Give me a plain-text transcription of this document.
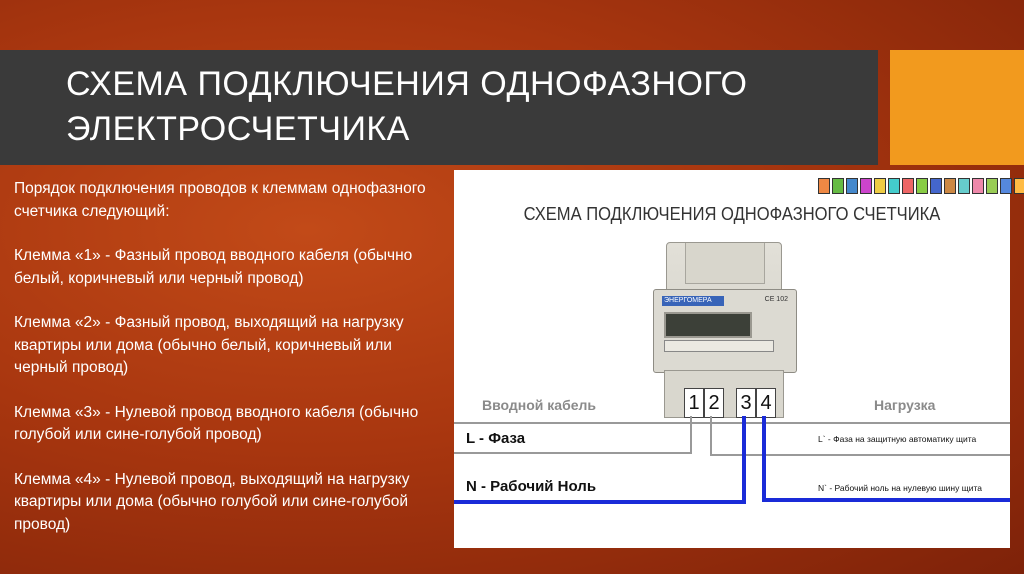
СХЕМА ПОДКЛЮЧЕНИЯ ОДНОФАЗНОГО
ЭЛЕКТРОСЧЕТЧИКА

Порядок подключения проводов к клеммам однофазного счетчика следующий:

Клемма «1» - Фазный провод вводного кабеля (обычно белый, коричневый или черный провод)

Клемма «2» - Фазный провод, выходящий на нагрузку квартиры или дома (обычно белый, коричневый или черный провод)

Клемма «3» - Нулевой провод вводного кабеля (обычно голубой или сине-голубой провод)

Клемма «4» - Нулевой провод, выходящий на нагрузку квартиры или дома (обычно голубой или сине-голубой провод)

СХЕМА ПОДКЛЮЧЕНИЯ ОДНОФАЗНОГО СЧЕТЧИКА
ЭНЕРГОМЕРА	CE 102
1 2 3 4
Вводной кабель	Нагрузка
L - Фаза	L` - Фаза на защитную автоматику щита
N - Рабочий Ноль	N` - Рабочий ноль на нулевую шину щита
